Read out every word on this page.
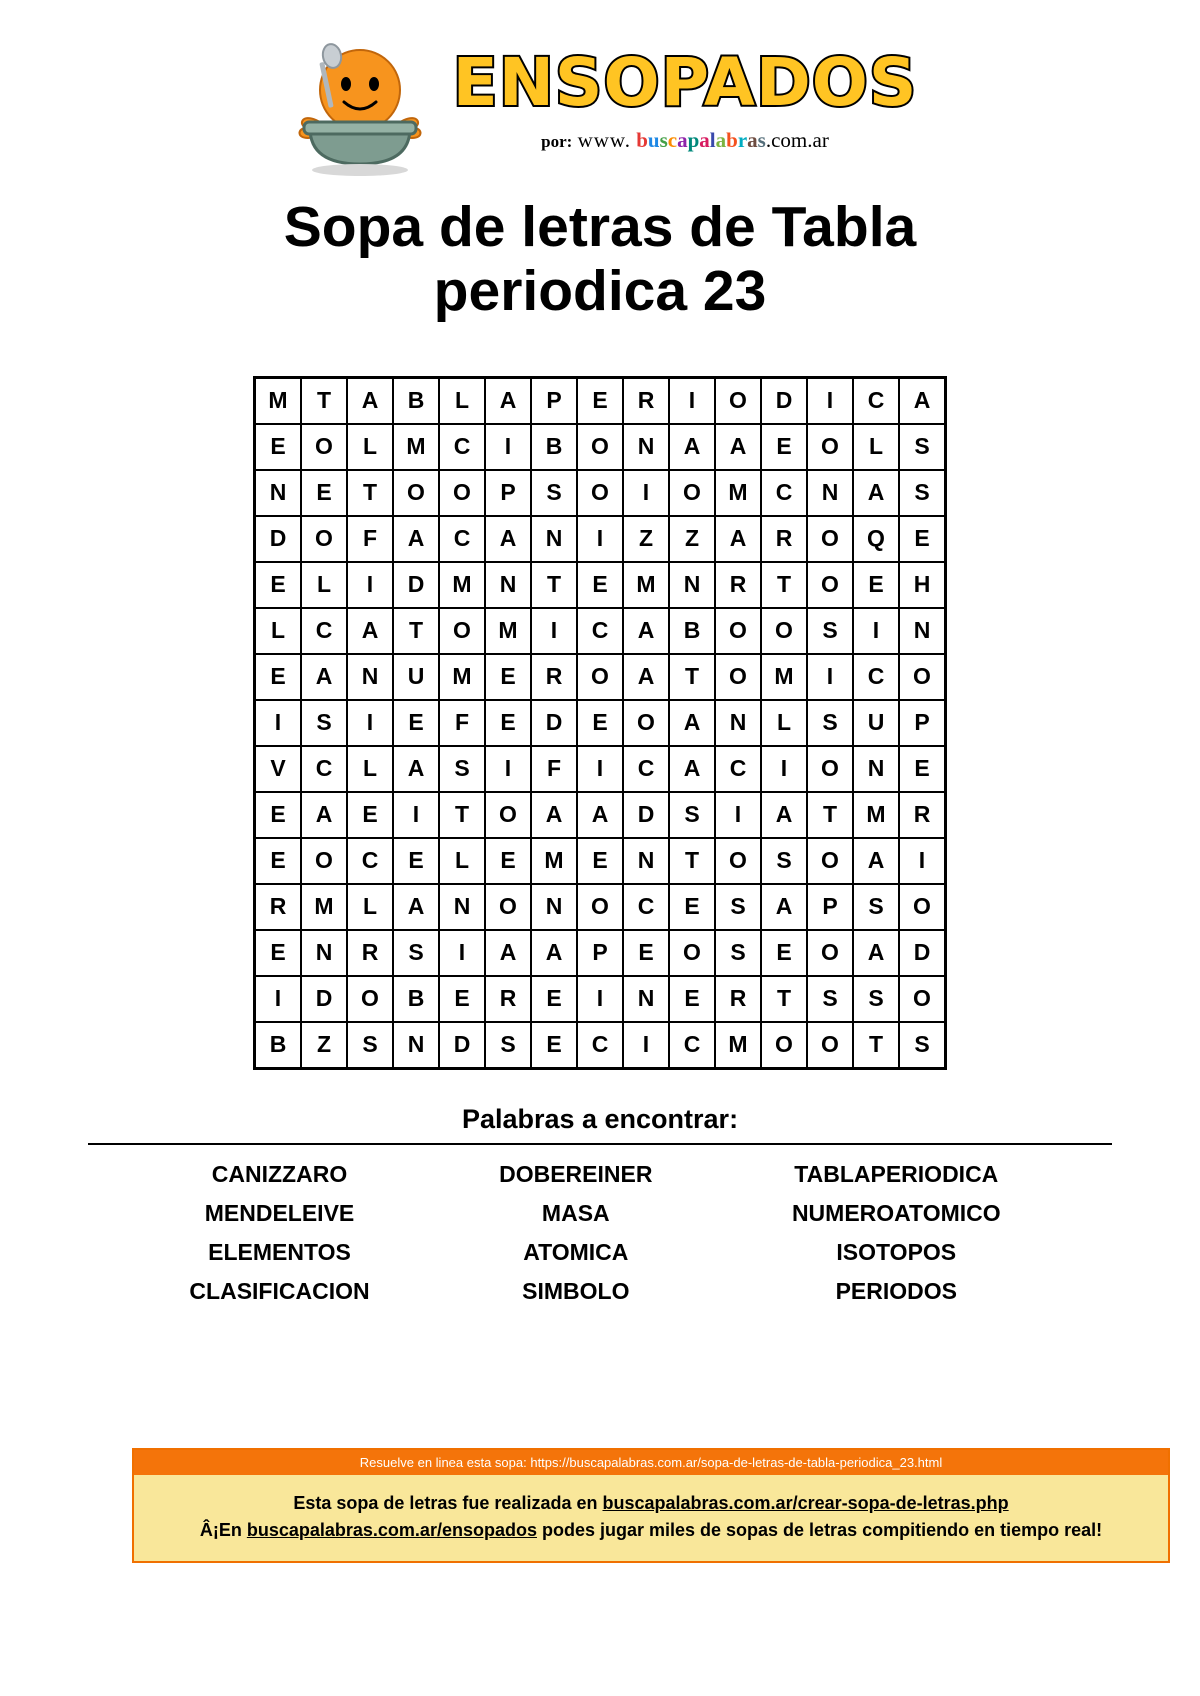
ENSOPADOS
por: www. buscapalabras.com.ar
Sopa de letras de Tabla periodica 23
M	T	A	B	L	A	P	E	R	I	O	D	I	C	A
E	O	L	M	C	I	B	O	N	A	A	E	O	L	S
N	E	T	O	O	P	S	O	I	O	M	C	N	A	S
D	O	F	A	C	A	N	I	Z	Z	A	R	O	Q	E
E	L	I	D	M	N	T	E	M	N	R	T	O	E	H
L	C	A	T	O	M	I	C	A	B	O	O	S	I	N
E	A	N	U	M	E	R	O	A	T	O	M	I	C	O
I	S	I	E	F	E	D	E	O	A	N	L	S	U	P
V	C	L	A	S	I	F	I	C	A	C	I	O	N	E
E	A	E	I	T	O	A	A	D	S	I	A	T	M	R
E	O	C	E	L	E	M	E	N	T	O	S	O	A	I
R	M	L	A	N	O	N	O	C	E	S	A	P	S	O
E	N	R	S	I	A	A	P	E	O	S	E	O	A	D
I	D	O	B	E	R	E	I	N	E	R	T	S	S	O
B	Z	S	N	D	S	E	C	I	C	M	O	O	T	S
Palabras a encontrar:
CANIZZARO	DOBEREINER	TABLAPERIODICA
MENDELEIVE	MASA	NUMEROATOMICO
ELEMENTOS	ATOMICA	ISOTOPOS
CLASIFICACION	SIMBOLO	PERIODOS
Resuelve en linea esta sopa: https://buscapalabras.com.ar/sopa-de-letras-de-tabla-periodica_23.html
Esta sopa de letras fue realizada en buscapalabras.com.ar/crear-sopa-de-letras.php
Â¡En buscapalabras.com.ar/ensopados podes jugar miles de sopas de letras compitiendo en tiempo real!
